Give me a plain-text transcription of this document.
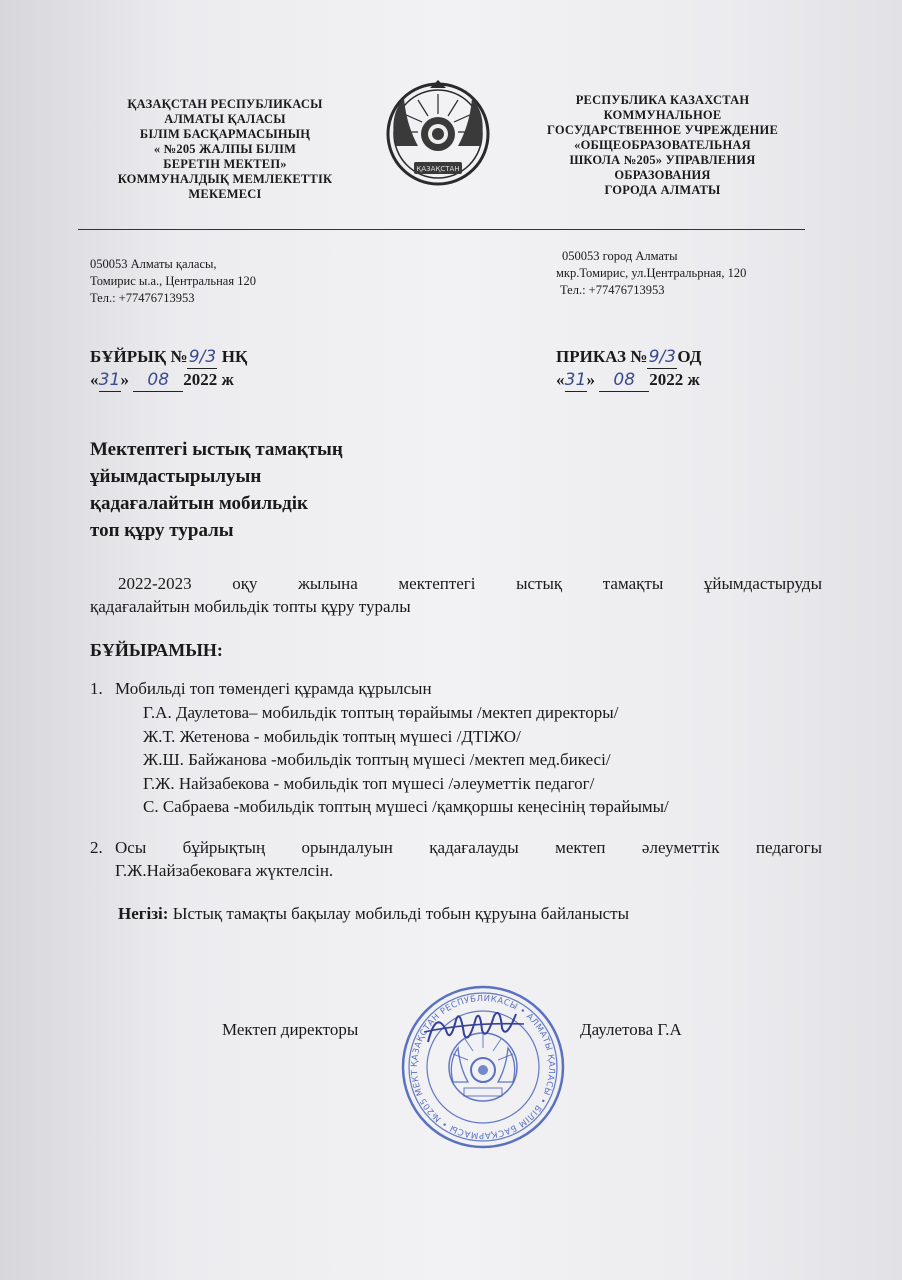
ҚАЗАҚСТАН
ҚАЗАҚСТАН РЕСПУБЛИКАСЫ
АЛМАТЫ ҚАЛАСЫ
БІЛІМ БАСҚАРМАСЫНЫҢ
« №205 ЖАЛПЫ БІЛІМ
БЕРЕТІН МЕКТЕП»
КОММУНАЛДЫҚ МЕМЛЕКЕТТІК
МЕКЕМЕСІ
РЕСПУБЛИКА КАЗАХСТАН
КОММУНАЛЬНОЕ
ГОСУДАРСТВЕННОЕ УЧРЕЖДЕНИЕ
«ОБЩЕОБРАЗОВАТЕЛЬНАЯ
ШКОЛА №205» УПРАВЛЕНИЯ
ОБРАЗОВАНИЯ
ГОРОДА АЛМАТЫ
050053 Алматы қаласы,
Томирис ы.а., Центральная 120
Тел.: +77476713953
050053 город Алматы
мкр.Томирис, ул.Центральрная, 120
Тел.: +77476713953
БҰЙРЫҚ №9/3 НҚ
«31» 08 2022 ж
ПРИКАЗ №9/3ОД
«31» 08 2022 ж
Мектептегі ыстық тамақтың
ұйымдастырылуын
қадағалайтын мобильдік
топ құру туралы
2022-2023 оқу жылына мектептегі ыстық тамақты ұйымдастыруды
қадағалайтын мобильдік топты құру туралы
БҰЙЫРАМЫН:
1. Мобильді топ төмендегі құрамда құрылсын
Г.А. Даулетова– мобильдік топтың төрайымы /мектеп директоры/
Ж.Т. Жетенова - мобильдік топтың мүшесі /ДТІЖО/
Ж.Ш. Байжанова -мобильдік топтың мүшесі /мектеп мед.бикесі/
Г.Ж. Найзабекова - мобильдік топ мүшесі /әлеуметтік педагог/
С. Сабраева -мобильдік топтың мүшесі /қамқоршы кеңесінің төрайымы/
2. Осы бұйрықтың орындалуын қадағалауды мектеп әлеуметтік педагогы
Г.Ж.Найзабековаға жүктелсін.
Негізі: Ыстық тамақты бақылау мобильді тобын құруына байланысты
ҚАЗАҚСТАН РЕСПУБЛИКАСЫ • АЛМАТЫ ҚАЛАСЫ • БІЛІМ БАСҚАРМАСЫ • №205 МЕКТ
Мектеп директоры	Даулетова Г.А
